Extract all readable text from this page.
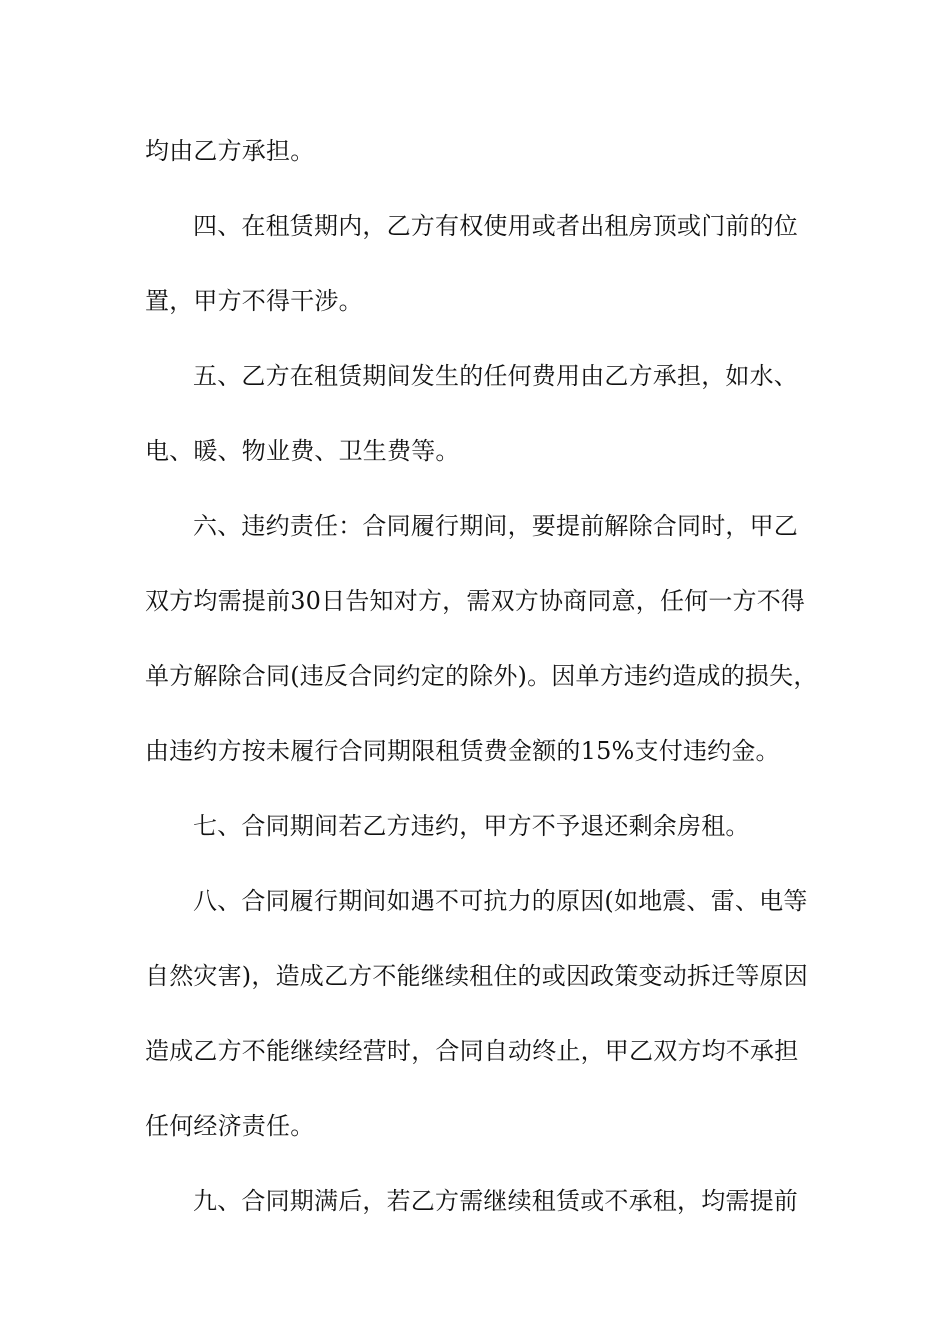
均由乙方承担。
四、在租赁期内，乙方有权使用或者出租房顶或门前的位
置，甲方不得干涉。
五、乙方在租赁期间发生的任何费用由乙方承担，如水、
电、暖、物业费、卫生费等。
六、违约责任：合同履行期间，要提前解除合同时，甲乙
双方均需提前30日告知对方，需双方协商同意，任何一方不得
单方解除合同(违反合同约定的除外)。因单方违约造成的损失，
由违约方按未履行合同期限租赁费金额的15%支付违约金。
七、合同期间若乙方违约，甲方不予退还剩余房租。
八、合同履行期间如遇不可抗力的原因(如地震、雷、电等
自然灾害)，造成乙方不能继续租住的或因政策变动拆迁等原因
造成乙方不能继续经营时，合同自动终止，甲乙双方均不承担
任何经济责任。
九、合同期满后，若乙方需继续租赁或不承租，均需提前
